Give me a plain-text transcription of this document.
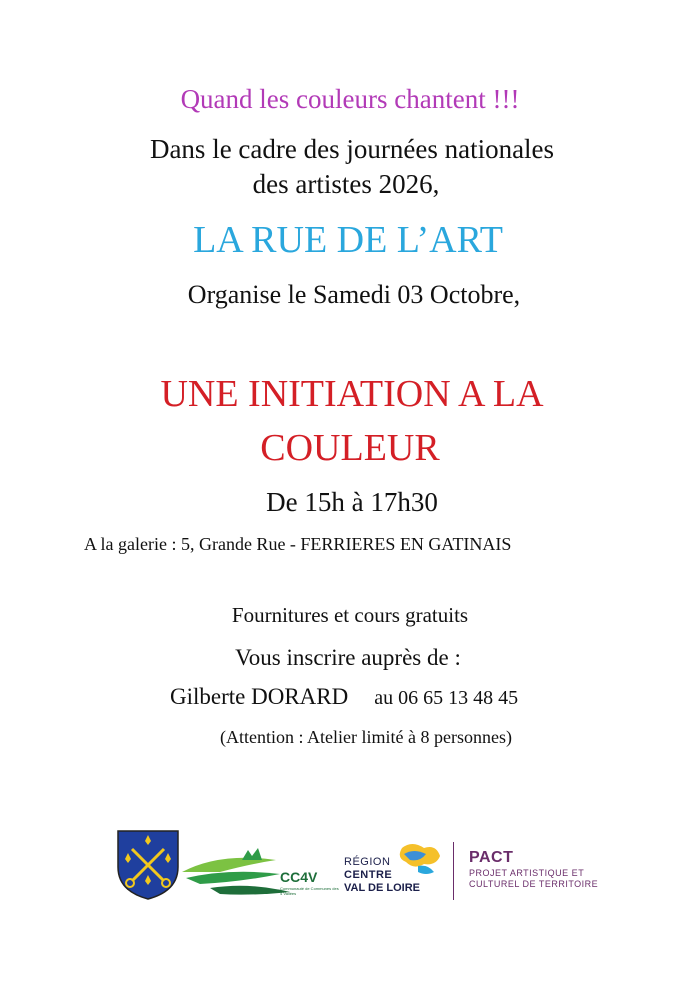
Quand les couleurs chantent !!!
Dans le cadre des journées nationales
des artistes 2026,
LA RUE DE L’ART
Organise le Samedi 03 Octobre,
UNE INITIATION A LA
COULEUR
De 15h à 17h30
A la galerie : 5, Grande Rue - FERRIERES EN GATINAIS
Fournitures et cours gratuits
Vous inscrire auprès de :
Gilberte DORARD au 06 65 13 48 45
(Attention : Atelier limité à 8 personnes)
CC4V
Communauté de Communes des 4 Vallées
RÉGION
CENTRE
VAL DE LOIRE
PACT
PROJET ARTISTIQUE ET CULTUREL DE TERRITOIRE
